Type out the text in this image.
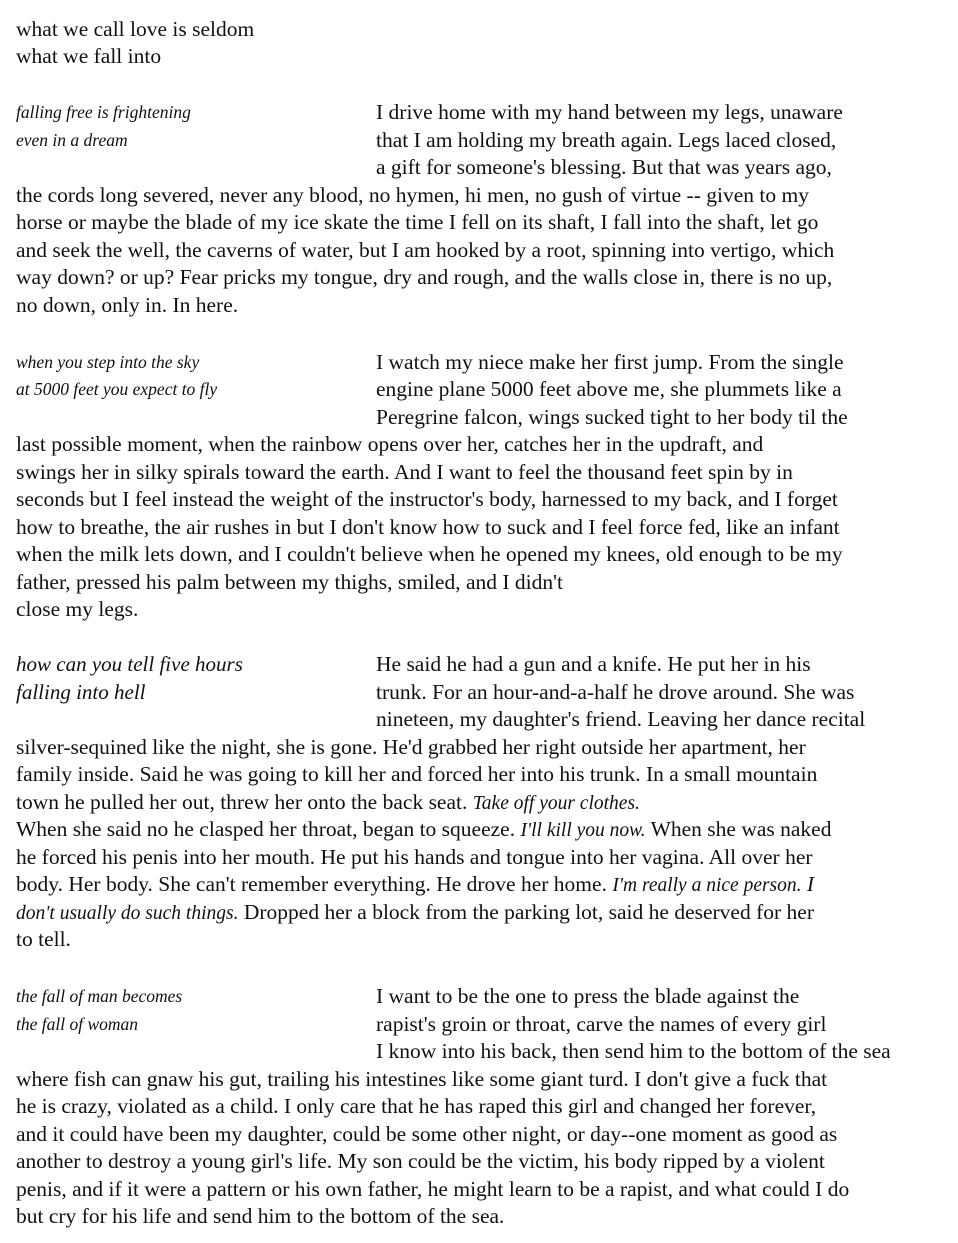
what we call love is seldom
what we fall into
falling free is frightening
even in a dream
I drive home with my hand between my legs, unaware
that I am holding my breath again. Legs laced closed,
a gift for someone's blessing. But that was years ago,
the cords long severed, never any blood, no hymen, hi men, no gush of virtue -- given to my
horse or maybe the blade of my ice skate the time I fell on its shaft, I fall into the shaft, let go
and seek the well, the caverns of water, but I am hooked by a root, spinning into vertigo, which
way down? or up? Fear pricks my tongue, dry and rough, and the walls close in, there is no up,
no down, only in. In here.
when you step into the sky
at 5000 feet you expect to fly
I watch my niece make her first jump. From the single
engine plane 5000 feet above me, she plummets like a
Peregrine falcon, wings sucked tight to her body til the
last possible moment, when the rainbow opens over her, catches her in the updraft, and
swings her in silky spirals toward the earth. And I want to feel the thousand feet spin by in
seconds but I feel instead the weight of the instructor's body, harnessed to my back, and I forget
how to breathe, the air rushes in but I don't know how to suck and I feel force fed, like an infant
when the milk lets down, and I couldn't believe when he opened my knees, old enough to be my
father, pressed his palm between my thighs, smiled, and I didn't
close my legs.
how can you tell five hours
falling into hell
He said he had a gun and a knife. He put her in his
trunk. For an hour-and-a-half he drove around. She was
nineteen, my daughter's friend. Leaving her dance recital
silver-sequined like the night, she is gone. He'd grabbed her right outside her apartment, her
family inside. Said he was going to kill her and forced her into his trunk. In a small mountain
town he pulled her out, threw her onto the back seat. Take off your clothes.
When she said no he clasped her throat, began to squeeze. I'll kill you now. When she was naked
he forced his penis into her mouth. He put his hands and tongue into her vagina. All over her
body. Her body. She can't remember everything. He drove her home. I'm really a nice person. I
don't usually do such things. Dropped her a block from the parking lot, said he deserved for her
to tell.
the fall of man becomes
the fall of woman
I want to be the one to press the blade against the
rapist's groin or throat, carve the names of every girl
I know into his back, then send him to the bottom of the sea
where fish can gnaw his gut, trailing his intestines like some giant turd. I don't give a fuck that
he is crazy, violated as a child. I only care that he has raped this girl and changed her forever,
and it could have been my daughter, could be some other night, or day--one moment as good as
another to destroy a young girl's life. My son could be the victim, his body ripped by a violent
penis, and if it were a pattern or his own father, he might learn to be a rapist, and what could I do
but cry for his life and send him to the bottom of the sea.
